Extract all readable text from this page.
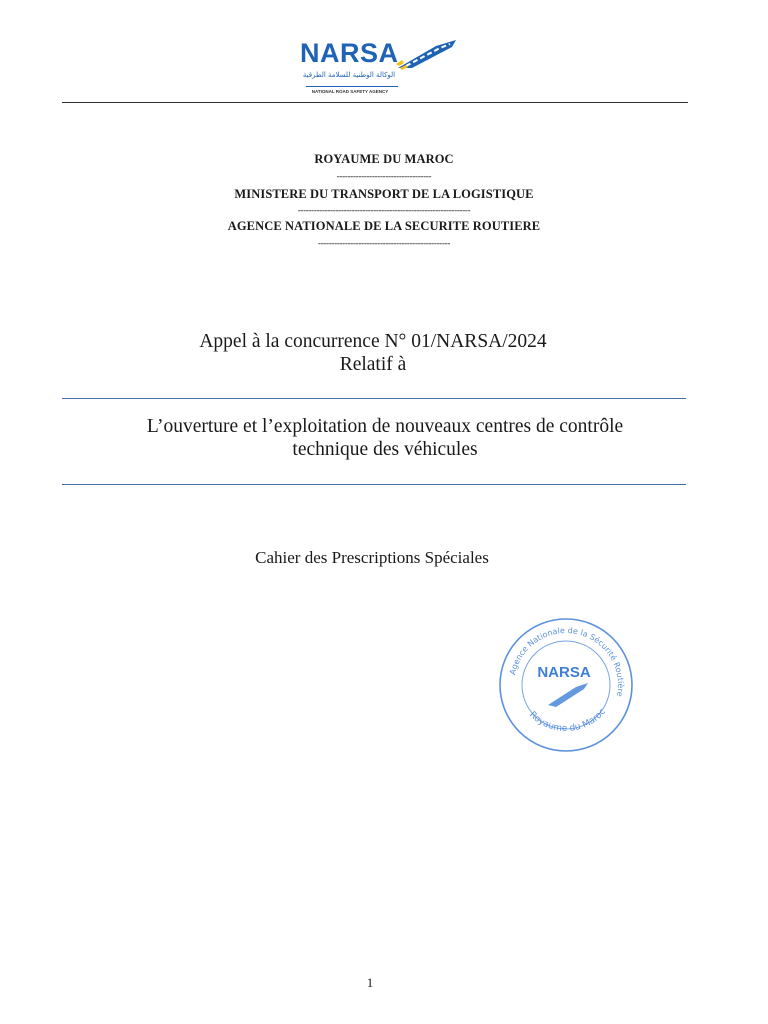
NARSA
الوكالة الوطنية للسلامة الطرقية
NATIONAL ROAD SAFETY AGENCY
ROYAUME DU MAROC
-----------------------------------
MINISTERE DU TRANSPORT DE LA LOGISTIQUE
----------------------------------------------------------------
AGENCE NATIONALE DE LA SECURITE ROUTIERE
-------------------------------------------------
Appel à la concurrence N° 01/NARSA/2024
Relatif à
L’ouverture et l’exploitation de nouveaux centres de contrôle
technique des véhicules
Cahier des Prescriptions Spéciales
Agence Nationale de la Sécurité Routière
Royaume du Maroc
NARSA
1
